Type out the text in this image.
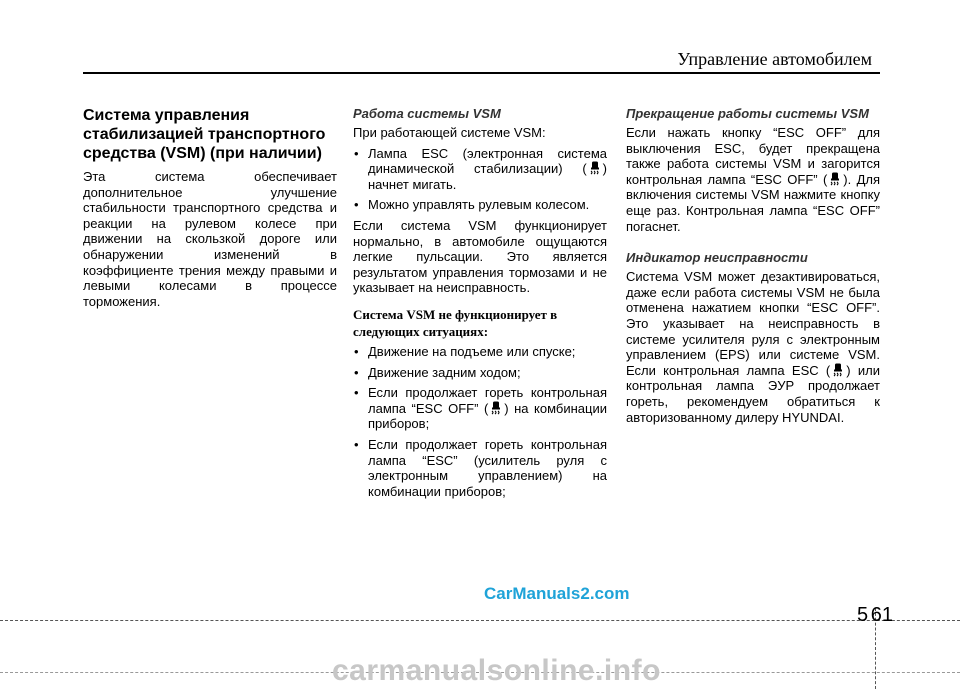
Управление автомобилем
Система управления стабилизацией транспортного средства (VSM) (при наличии)

Эта система обеспечивает дополнительное улучшение стабильности транспортного средства и реакции на рулевом колесе при движении на скользкой дороге или обнаружении изменений в коэффициенте трения между правыми и левыми колесами в процессе торможения.

Работа системы VSM

При работающей системе VSM:

• Лампа ESC (электронная система динамической стабилизации) ( ) начнет мигать.
• Можно управлять рулевым колесом.

Если система VSM функционирует нормально, в автомобиле ощущаются легкие пульсации. Это является результатом управления тормозами и не указывает на неисправность.

Система VSM не функционирует в следующих ситуациях:
• Движение на подъеме или спуске;
• Движение задним ходом;
• Если продолжает гореть контрольная лампа “ESC OFF” ( ) на комбинации приборов;
• Если продолжает гореть контрольная лампа “ESC” (усилитель руля с электронным управлением) на комбинации приборов;
Прекращение работы системы VSM

Если нажать кнопку “ESC OFF” для выключения ESC, будет прекращена также работа системы VSM и загорится контрольная лампа “ESC OFF” ( ). Для включения системы VSM нажмите кнопку еще раз. Контрольная лампа “ESC OFF” погаснет.

Индикатор неисправности

Система VSM может дезактивироваться, даже если работа системы VSM не была отменена нажатием кнопки “ESC OFF”. Это указывает на неисправность в системе усилителя руля с электронным управлением (EPS) или системе VSM. Если контрольная лампа ESC ( ) или контрольная лампа ЭУР продолжает гореть, рекомендуем обратиться к авторизованному дилеру HYUNDAI.

CarManuals2.com
5 61
carmanualsonline.info
